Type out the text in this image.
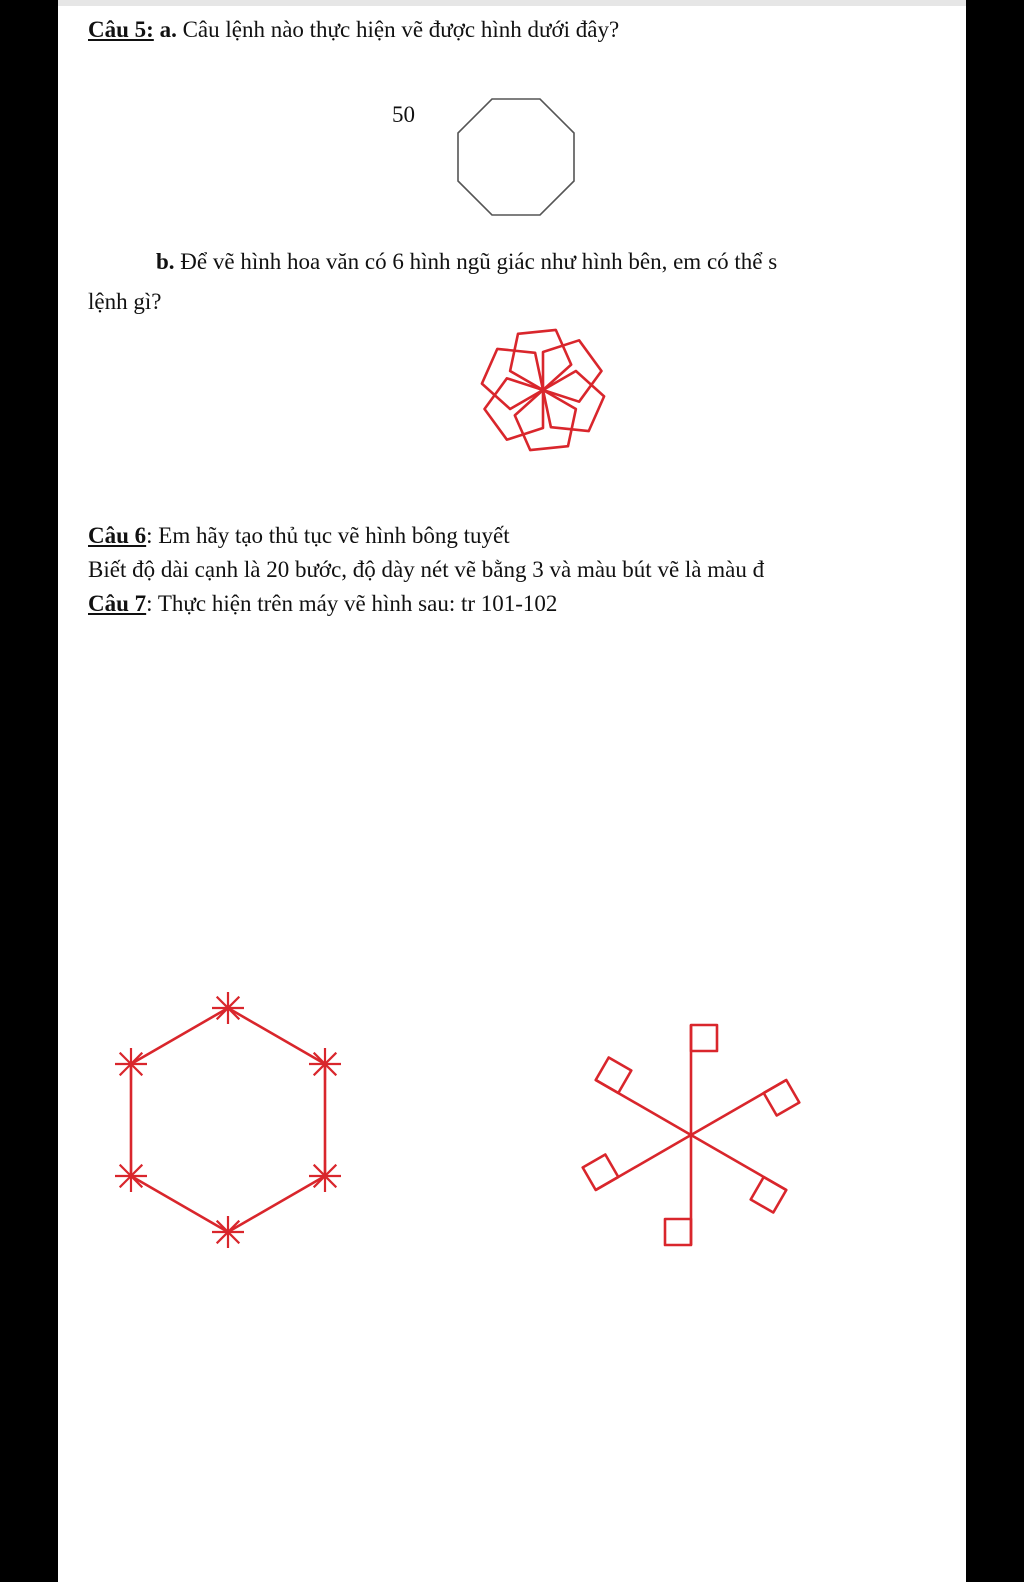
Câu 5: a. Câu lệnh nào thực hiện vẽ được hình dưới đây?
50
b. Để vẽ hình hoa văn có 6 hình ngũ giác như hình bên, em có thể s
lệnh gì?
Câu 6: Em hãy tạo thủ tục vẽ hình bông tuyết
Biết độ dài cạnh là 20 bước, độ dày nét vẽ bằng 3 và màu bút vẽ là màu đ
Câu 7: Thực hiện trên máy vẽ hình sau: tr 101-102
